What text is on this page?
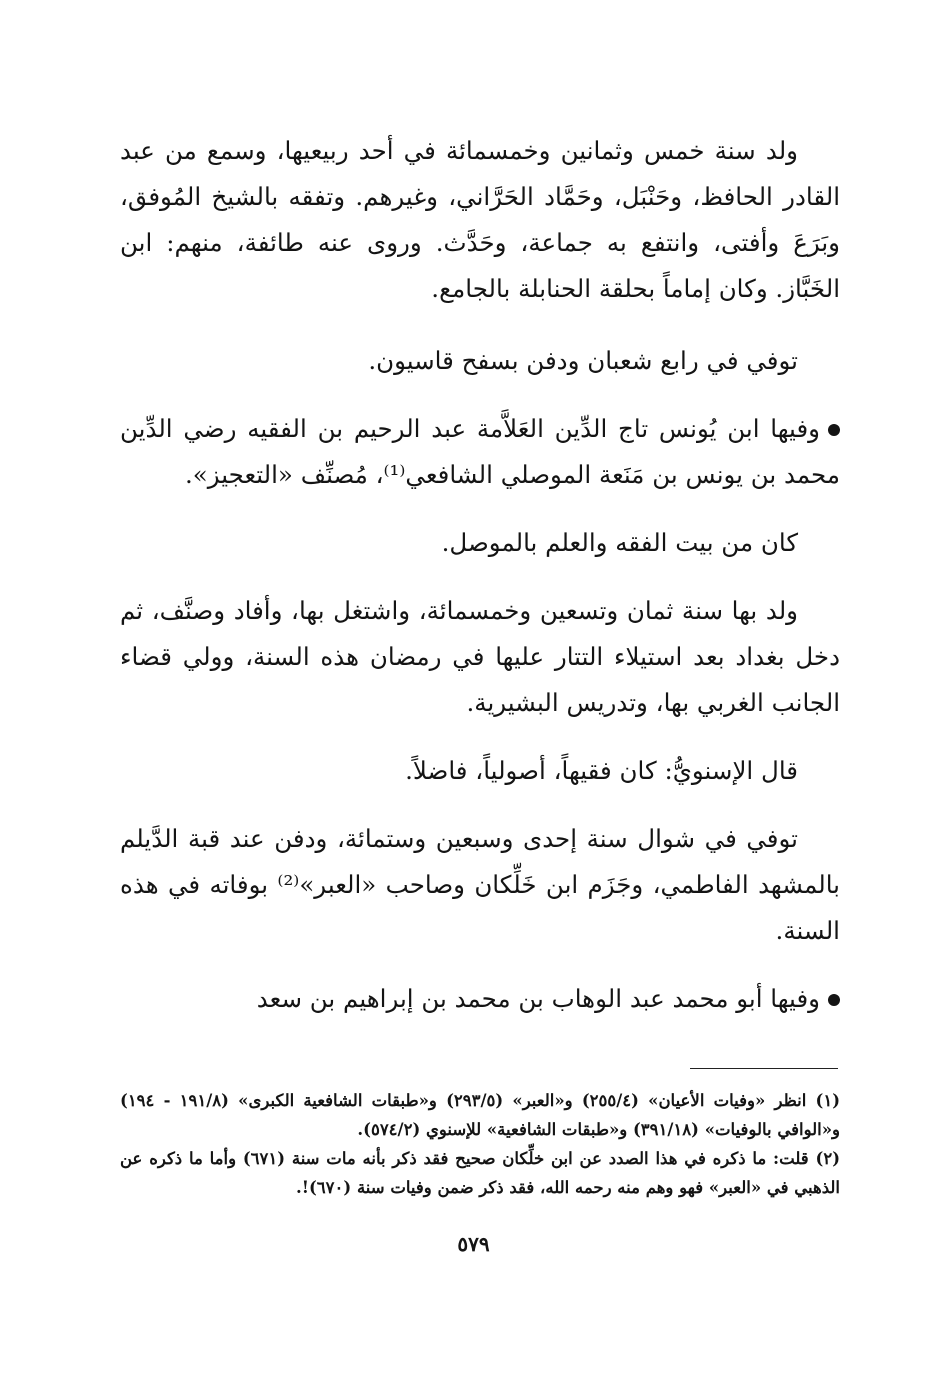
ولد سنة خمس وثمانين وخمسمائة في أحد ربيعيها، وسمع من عبد القادر الحافظ، وحَنْبَل، وحَمَّاد الحَرَّاني، وغيرهم. وتفقه بالشيخ المُوفق، وبَرَعَ وأفتى، وانتفع به جماعة، وحَدَّث. وروى عنه طائفة، منهم: ابن الخَبَّاز. وكان إماماً بحلقة الحنابلة بالجامع.

توفي في رابع شعبان ودفن بسفح قاسيون.

وفيها ابن يُونس تاج الدِّين العَلاَّمة عبد الرحيم بن الفقيه رضي الدِّين محمد بن يونس بن مَنَعة الموصلي الشافعي⁽¹⁾، مُصنِّف «التعجيز».

كان من بيت الفقه والعلم بالموصل.

ولد بها سنة ثمان وتسعين وخمسمائة، واشتغل بها، وأفاد وصنَّف، ثم دخل بغداد بعد استيلاء التتار عليها في رمضان هذه السنة، وولي قضاء الجانب الغربي بها، وتدريس البشيرية.

قال الإسنويُّ: كان فقيهاً، أصولياً، فاضلاً.

توفي في شوال سنة إحدى وسبعين وستمائة، ودفن عند قبة الدَّيلم بالمشهد الفاطمي، وجَزَم ابن خَلِّكان وصاحب «العبر»⁽²⁾ بوفاته في هذه السنة.

وفيها أبو محمد عبد الوهاب بن محمد بن إبراهيم بن سعد

(١) انظر «وفيات الأعيان» (٢٥٥/٤) و«العبر» (٢٩٣/٥) و«طبقات الشافعية الكبرى» (١٩١/٨ - ١٩٤) و«الوافي بالوفيات» (٣٩١/١٨) و«طبقات الشافعية» للإسنوي (٥٧٤/٢).

(٢) قلت: ما ذكره في هذا الصدد عن ابن خلِّكان صحيح فقد ذكر بأنه مات سنة (٦٧١) وأما ما ذكره عن الذهبي في «العبر» فهو وهم منه رحمه الله، فقد ذكر ضمن وفيات سنة (٦٧٠)!.

٥٧٩
